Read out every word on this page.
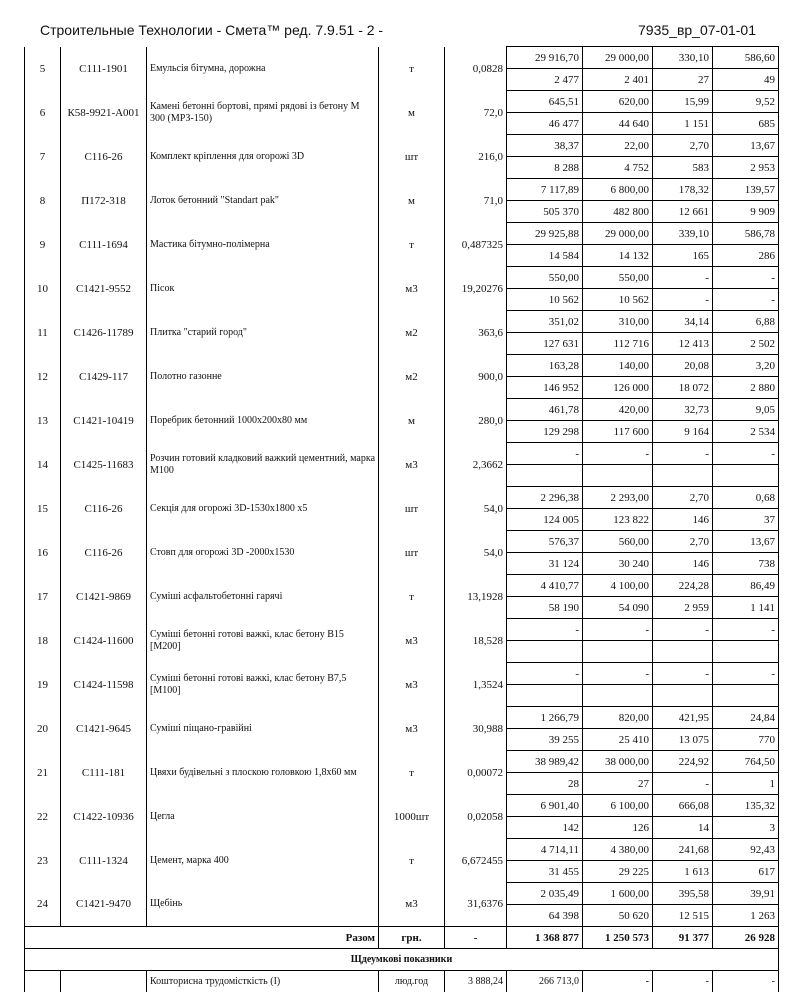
Строительные Технологии - Смета™ ред. 7.9.51 - 2 -	7935_вр_07-01-01
5	С111-1901	Емульсія бітумна, дорожна	т	0,0828	29 916,70	29 000,00	330,10	586,60
					2 477	2 401	27	49
6	К58-9921-А001	Камені бетонні бортові, прямі рядові із бетону М 300 (МРЗ-150)	м	72,0	645,51	620,00	15,99	9,52
					46 477	44 640	1 151	685
7	С116-26	Комплект кріплення для огорожі 3D	шт	216,0	38,37	22,00	2,70	13,67
					8 288	4 752	583	2 953
8	П172-318	Лоток бетонний "Standart pak"	м	71,0	7 117,89	6 800,00	178,32	139,57
					505 370	482 800	12 661	9 909
9	С111-1694	Мастика бітумно-полімерна	т	0,487325	29 925,88	29 000,00	339,10	586,78
					14 584	14 132	165	286
10	С1421-9552	Пісок	м3	19,20276	550,00	550,00	-	-
					10 562	10 562	-	-
11	С1426-11789	Плитка "старий город"	м2	363,6	351,02	310,00	34,14	6,88
					127 631	112 716	12 413	2 502
12	С1429-117	Полотно газонне	м2	900,0	163,28	140,00	20,08	3,20
					146 952	126 000	18 072	2 880
13	С1421-10419	Поребрик бетонний 1000х200х80 мм	м	280,0	461,78	420,00	32,73	9,05
					129 298	117 600	9 164	2 534
14	С1425-11683	Розчин готовий кладковий важкий цементний, марка М100	м3	2,3662	-	-	-	-

15	С116-26	Секція для огорожі 3D-1530х1800 х5	шт	54,0	2 296,38	2 293,00	2,70	0,68
					124 005	123 822	146	37
16	С116-26	Стовп для огорожі 3D -2000х1530	шт	54,0	576,37	560,00	2,70	13,67
					31 124	30 240	146	738
17	С1421-9869	Суміші асфальтобетонні гарячі	т	13,1928	4 410,77	4 100,00	224,28	86,49
					58 190	54 090	2 959	1 141
18	С1424-11600	Суміші бетонні готові важкі, клас бетону В15 [М200]	м3	18,528	-	-	-	-

19	С1424-11598	Суміші бетонні готові важкі, клас бетону В7,5 [М100]	м3	1,3524	-	-	-	-

20	С1421-9645	Суміші піщано-гравійні	м3	30,988	1 266,79	820,00	421,95	24,84
					39 255	25 410	13 075	770
21	С111-181	Цвяхи будівельні з плоскою головкою 1,8х60 мм	т	0,00072	38 989,42	38 000,00	224,92	764,50
					28	27	-	1
22	С1422-10936	Цегла	1000шт	0,02058	6 901,40	6 100,00	666,08	135,32
					142	126	14	3
23	С111-1324	Цемент, марка 400	т	6,672455	4 714,11	4 380,00	241,68	92,43
					31 455	29 225	1 613	617
24	С1421-9470	Щебінь	м3	31,6376	2 035,49	1 600,00	395,58	39,91
					64 398	50 620	12 515	1 263
Разом			грн.	-	1 368 877	1 250 573	91 377	26 928
Щдеумкові показники								
		Кошторисна трудомісткість (І)	люд.год	3 888,24	266 713,0	-	-	-
